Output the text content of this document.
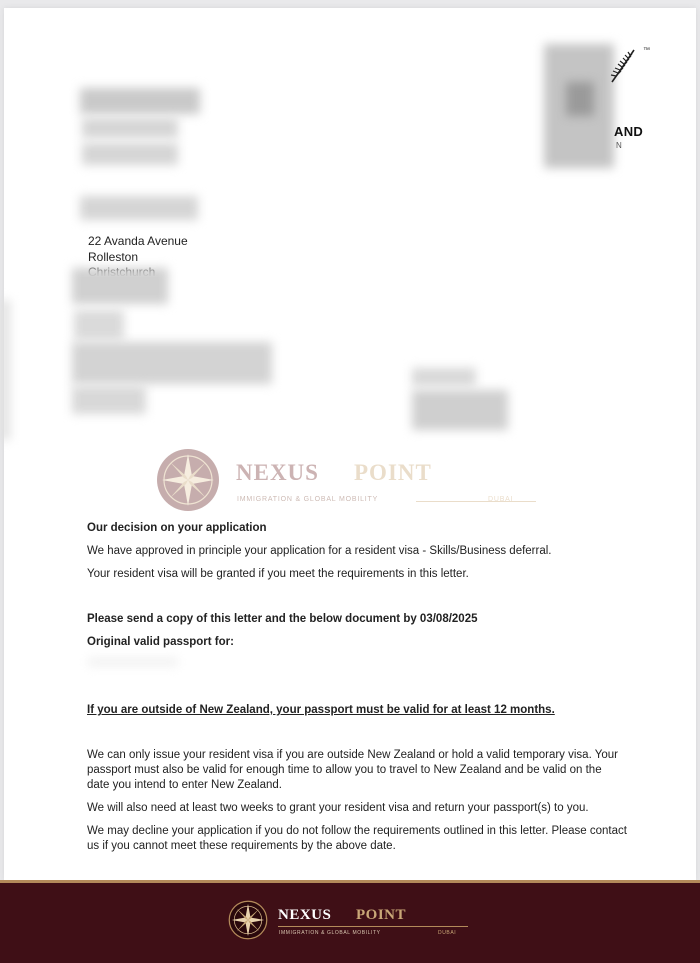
™
AND
N
22 Avanda Avenue
Rolleston
NEXUS POINT
IMMIGRATION & GLOBAL MOBILITY	DUBAI
Our decision on your application
We have approved in principle your application for a resident visa - Skills/Business deferral.
Your resident visa will be granted if you meet the requirements in this letter.
Please send a copy of this letter and the below document by 03/08/2025
Original valid passport for:
If you are outside of New Zealand, your passport must be valid for at least 12 months.
We can only issue your resident visa if you are outside New Zealand or hold a valid temporary visa. Your passport must also be valid for enough time to allow you to travel to New Zealand and be valid on the date you intend to enter New Zealand.
We will also need at least two weeks to grant your resident visa and return your passport(s) to you.
We may decline your application if you do not follow the requirements outlined in this letter. Please contact us if you cannot meet these requirements by the above date.
NEXUS POINT
IMMIGRATION & GLOBAL MOBILITY	DUBAI
